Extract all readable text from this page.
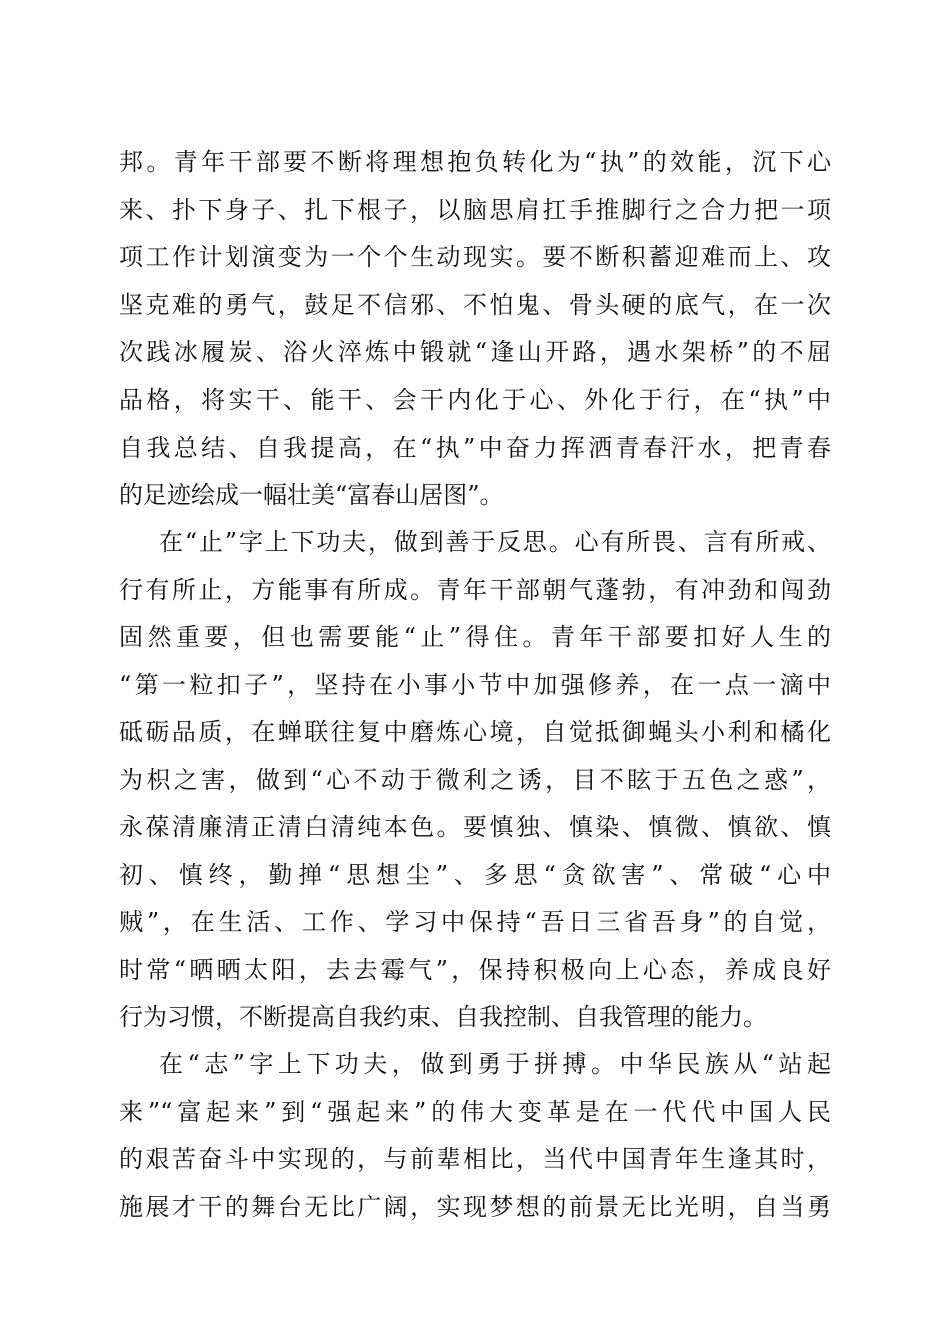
邦。青年干部要不断将理想抱负转化为“执”的效能，沉下心
来、扑下身子、扎下根子，以脑思肩扛手推脚行之合力把一项
项工作计划演变为一个个生动现实。要不断积蓄迎难而上、攻
坚克难的勇气，鼓足不信邪、不怕鬼、骨头硬的底气，在一次
次践冰履炭、浴火淬炼中锻就“逢山开路，遇水架桥”的不屈
品格，将实干、能干、会干内化于心、外化于行，在“执”中
自我总结、自我提高，在“执”中奋力挥洒青春汗水，把青春
的足迹绘成一幅壮美“富春山居图”。
在“止”字上下功夫，做到善于反思。心有所畏、言有所戒、
行有所止，方能事有所成。青年干部朝气蓬勃，有冲劲和闯劲
固然重要，但也需要能“止”得住。青年干部要扣好人生的
“第一粒扣子”，坚持在小事小节中加强修养，在一点一滴中
砥砺品质，在蝉联往复中磨炼心境，自觉抵御蝇头小利和橘化
为枳之害，做到“心不动于微利之诱，目不眩于五色之惑”，
永葆清廉清正清白清纯本色。要慎独、慎染、慎微、慎欲、慎
初、慎终，勤掸“思想尘”、多思“贪欲害”、常破“心中
贼”，在生活、工作、学习中保持“吾日三省吾身”的自觉，
时常“晒晒太阳，去去霉气”，保持积极向上心态，养成良好
行为习惯，不断提高自我约束、自我控制、自我管理的能力。
在“志”字上下功夫，做到勇于拼搏。中华民族从“站起
来”“富起来”到“强起来”的伟大变革是在一代代中国人民
的艰苦奋斗中实现的，与前辈相比，当代中国青年生逢其时，
施展才干的舞台无比广阔，实现梦想的前景无比光明，自当勇
